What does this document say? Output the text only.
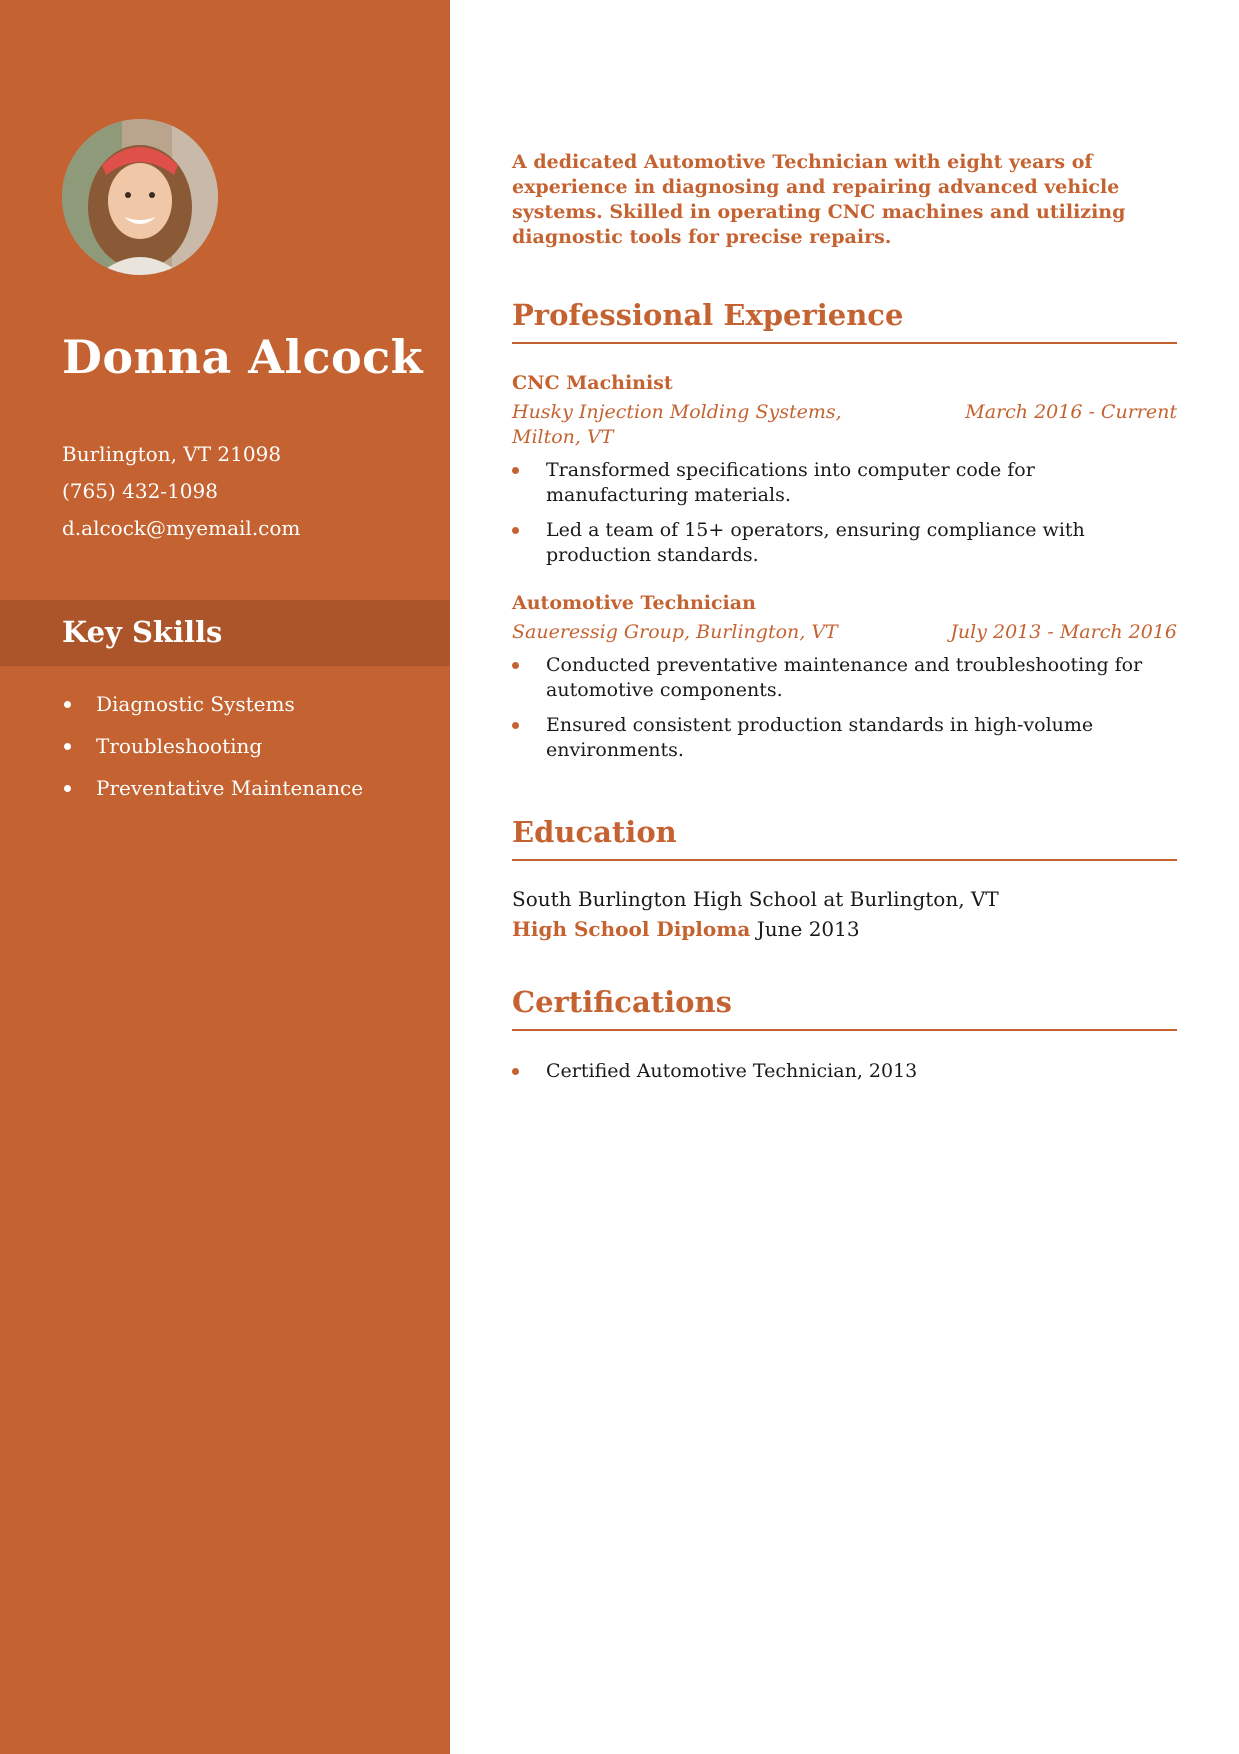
Donna Alcock
Burlington, VT 21098
(765) 432-1098
d.alcock@myemail.com
Key Skills
Diagnostic Systems
Troubleshooting
Preventative Maintenance

A dedicated Automotive Technician with eight years of experience in diagnosing and repairing advanced vehicle systems. Skilled in operating CNC machines and utilizing diagnostic tools for precise repairs.

Professional Experience
CNC Machinist
Husky Injection Molding Systems, Milton, VT
March 2016 - Current
Transformed specifications into computer code for manufacturing materials.
Led a team of 15+ operators, ensuring compliance with production standards.
Automotive Technician
Saueressig Group, Burlington, VT	July 2013 - March 2016
Conducted preventative maintenance and troubleshooting for automotive components.
Ensured consistent production standards in high-volume environments.
Education
South Burlington High School at Burlington, VT
High School Diploma June 2013
Certifications
Certified Automotive Technician, 2013
